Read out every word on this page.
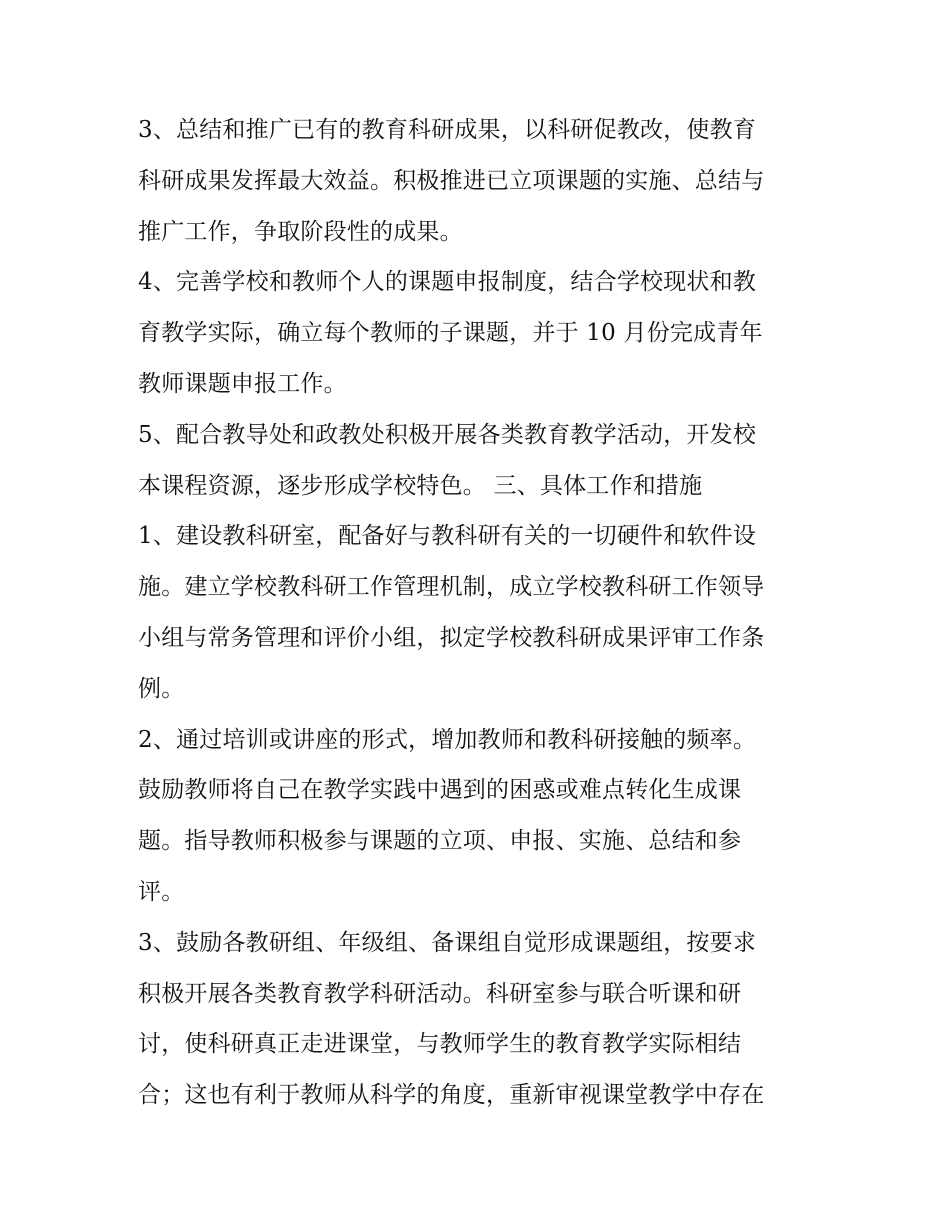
3、总结和推广已有的教育科研成果，以科研促教改，使教育
科研成果发挥最大效益。积极推进已立项课题的实施、总结与
推广工作，争取阶段性的成果。
4、完善学校和教师个人的课题申报制度，结合学校现状和教
育教学实际，确立每个教师的子课题，并于 10 月份完成青年
教师课题申报工作。
5、配合教导处和政教处积极开展各类教育教学活动，开发校
本课程资源，逐步形成学校特色。 三、具体工作和措施
1、建设教科研室，配备好与教科研有关的一切硬件和软件设
施。建立学校教科研工作管理机制，成立学校教科研工作领导
小组与常务管理和评价小组，拟定学校教科研成果评审工作条
例。
2、通过培训或讲座的形式，增加教师和教科研接触的频率。
鼓励教师将自己在教学实践中遇到的困惑或难点转化生成课
题。指导教师积极参与课题的立项、申报、实施、总结和参
评。
3、鼓励各教研组、年级组、备课组自觉形成课题组，按要求
积极开展各类教育教学科研活动。科研室参与联合听课和研
讨，使科研真正走进课堂，与教师学生的教育教学实际相结
合；这也有利于教师从科学的角度，重新审视课堂教学中存在
